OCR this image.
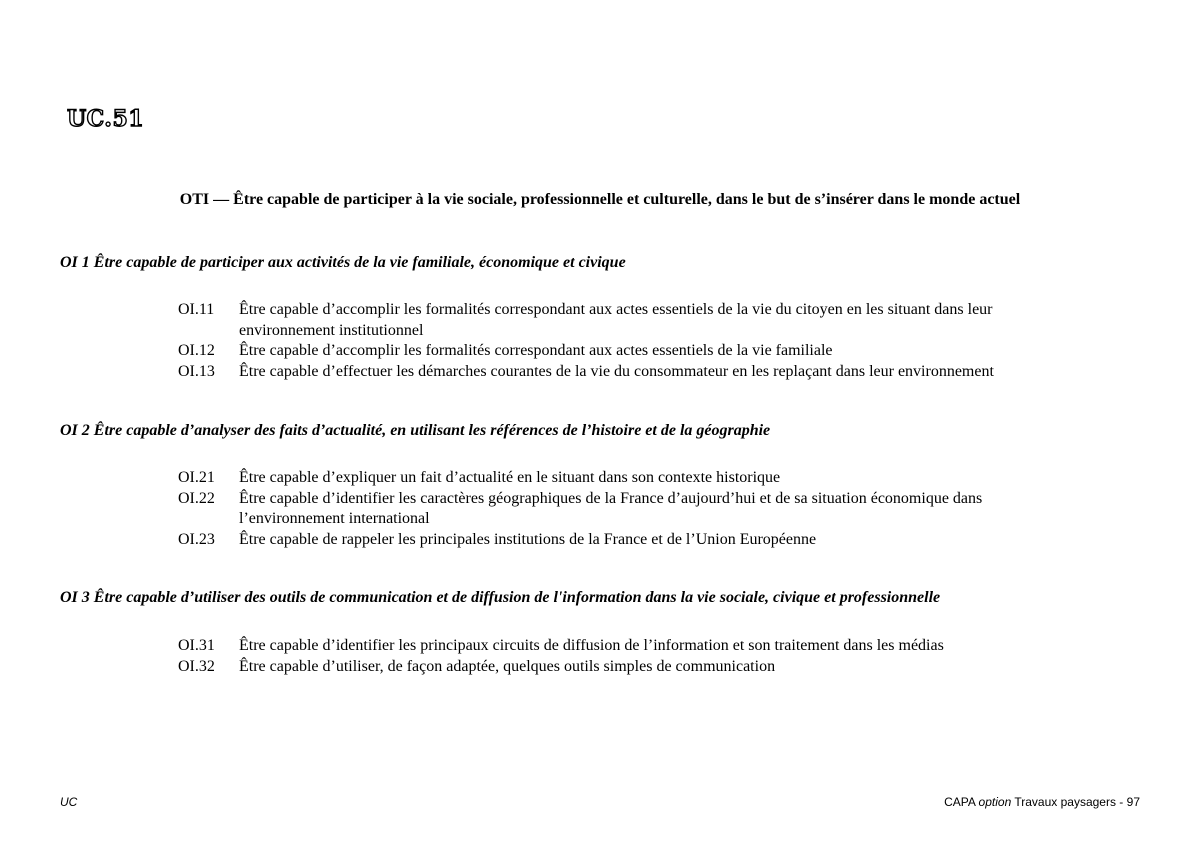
UC.51
OTI — Être capable de participer à la vie sociale, professionnelle et culturelle, dans le but de s’insérer dans le monde actuel
OI 1 Être capable de participer aux activités de la vie familiale, économique et civique
OI.11	Être capable d’accomplir les formalités correspondant aux actes essentiels de la vie du citoyen en les situant dans leur environnement institutionnel
OI.12	Être capable d’accomplir les formalités correspondant aux actes essentiels de la vie familiale
OI.13	Être capable d’effectuer les démarches courantes de la vie du consommateur en les replaçant dans leur environnement
OI 2 Être capable d’analyser des faits d’actualité, en utilisant les références de l’histoire et de la géographie
OI.21	Être capable d’expliquer un fait d’actualité en le situant dans son contexte historique
OI.22	Être capable d’identifier les caractères géographiques de la France d’aujourd’hui et de sa situation économique dans l’environnement international
OI.23	Être capable de rappeler les principales institutions de la France et de l’Union Européenne
OI 3 Être capable d’utiliser des outils de communication et de diffusion de l'information dans la vie sociale, civique et professionnelle
OI.31	Être capable d’identifier les principaux circuits de diffusion de l’information et son traitement dans les médias
OI.32	Être capable d’utiliser, de façon adaptée, quelques outils simples de communication
UC	CAPA option Travaux paysagers - 97
